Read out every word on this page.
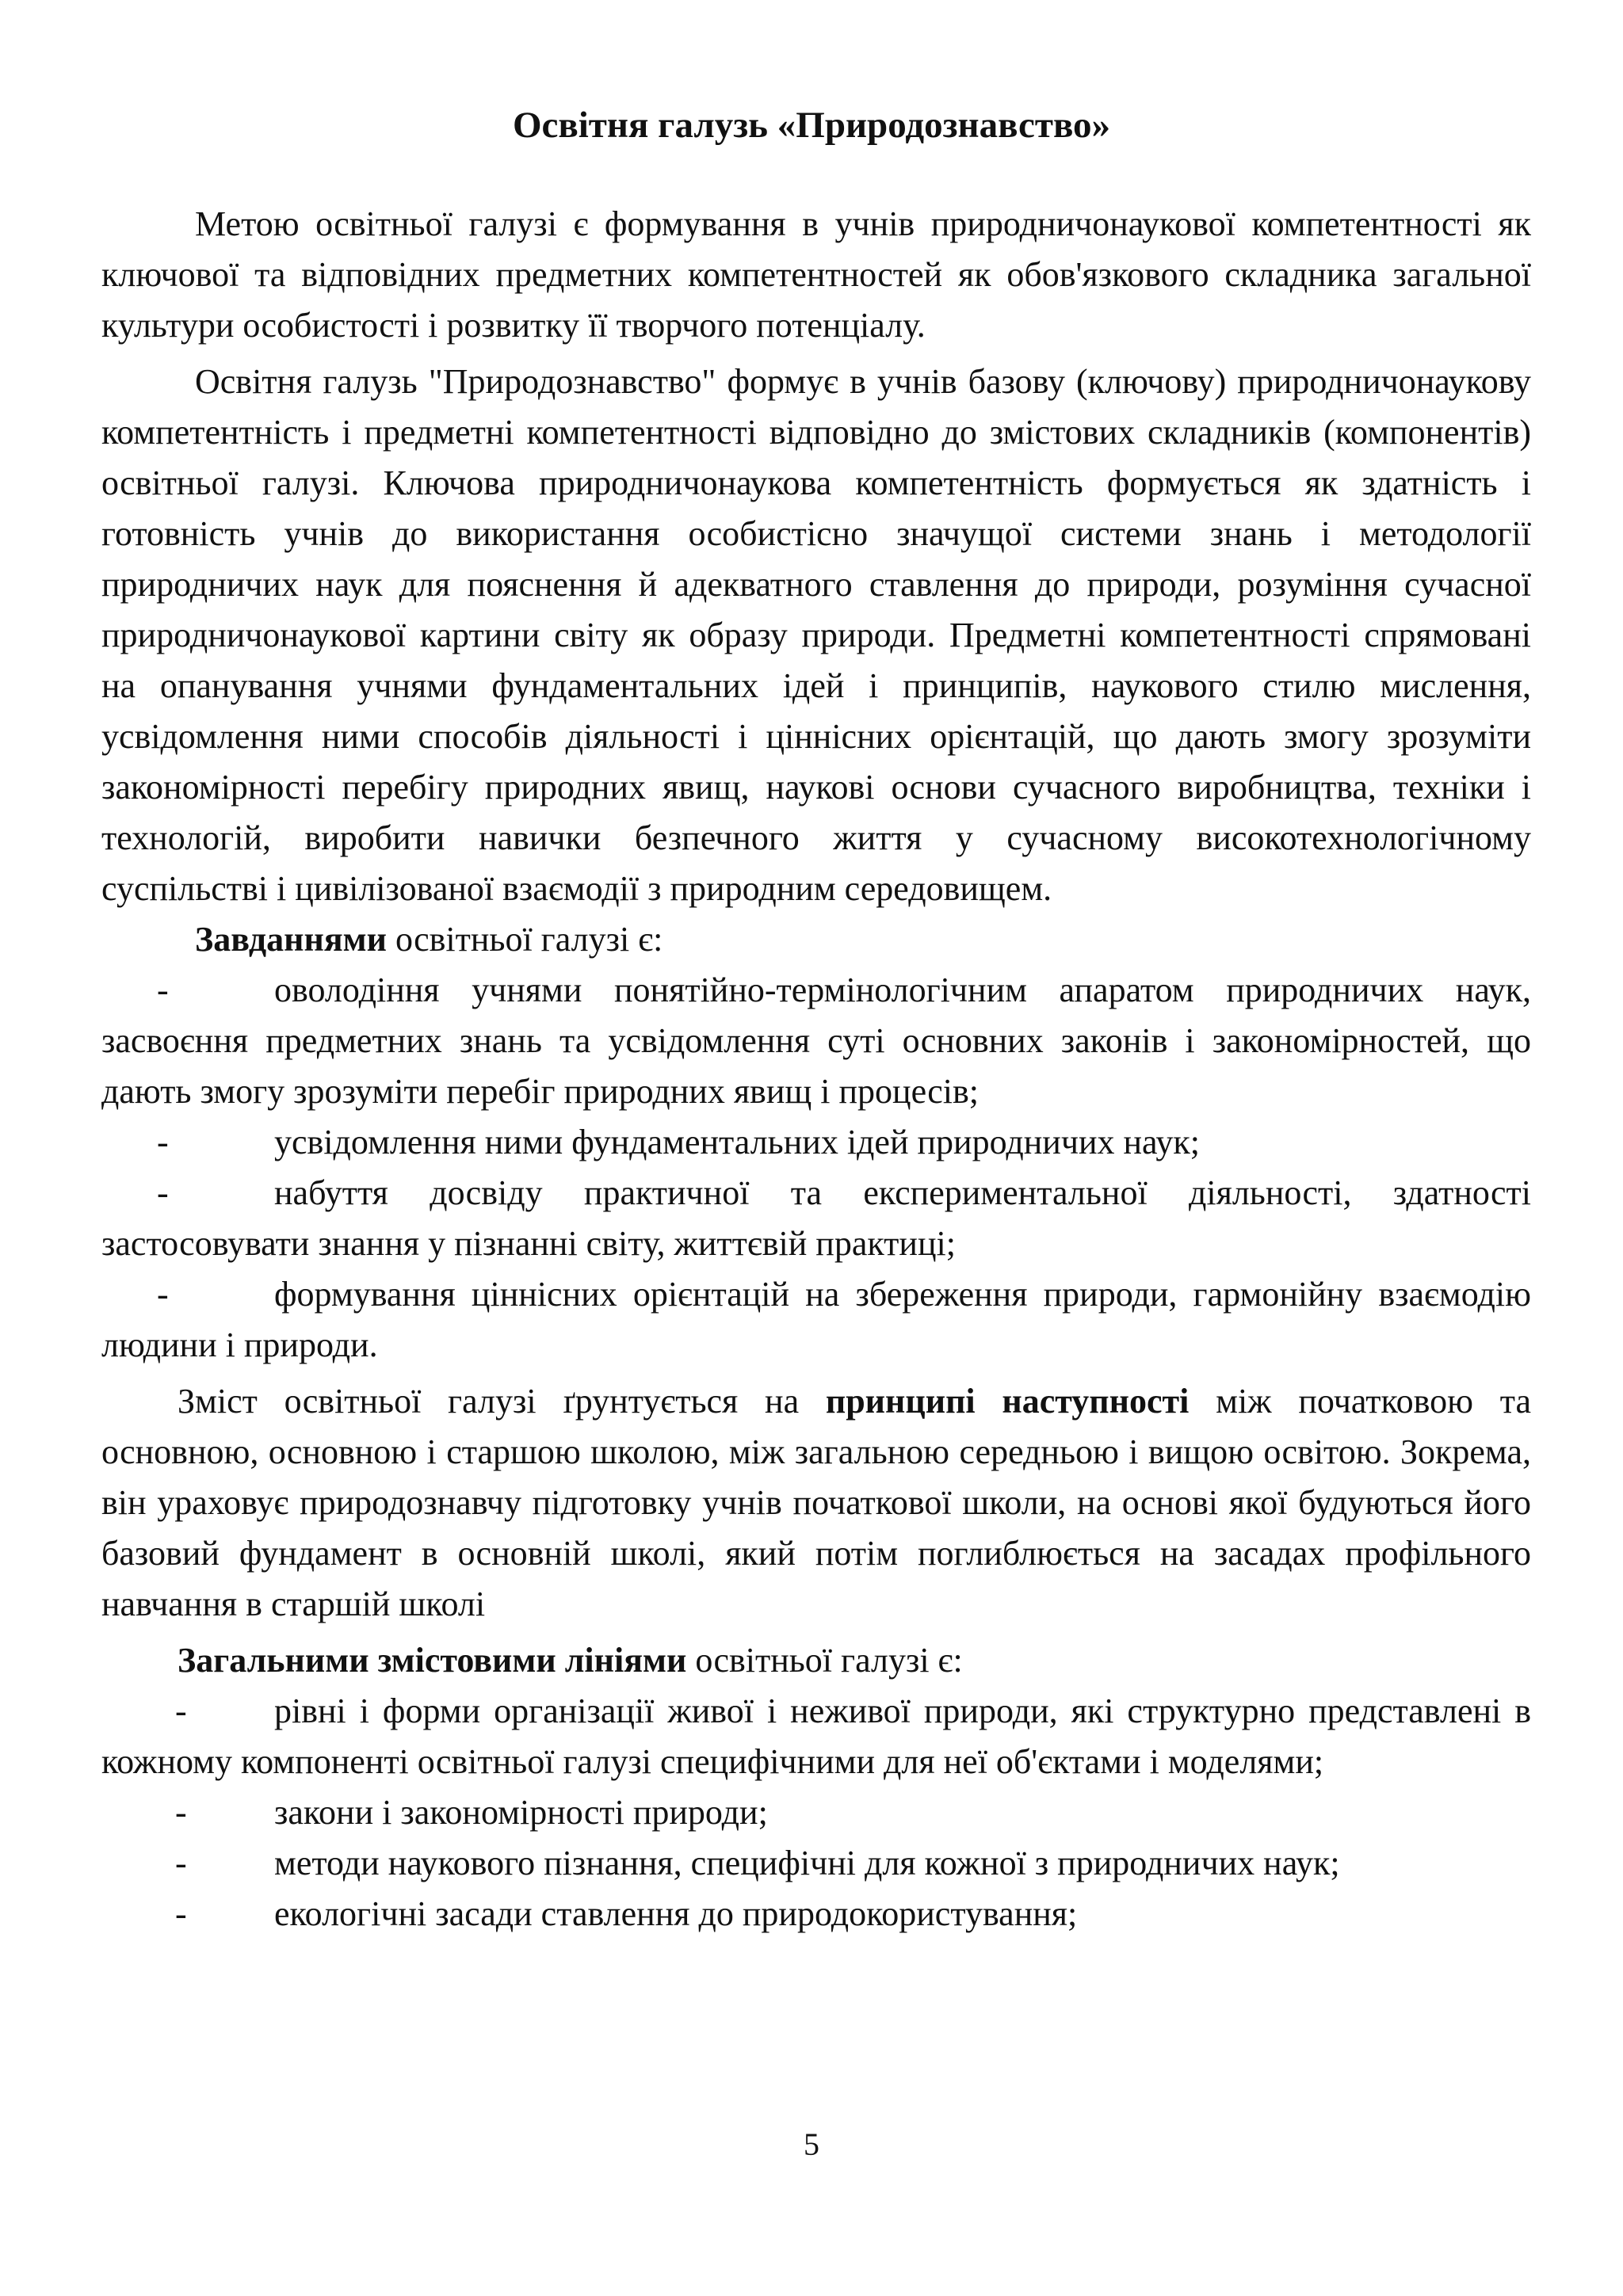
Освітня галузь «Природознавство»

Метою освітньої галузі є формування в учнів природничонаукової компетентності як ключової та відповідних предметних компетентностей як обов'язкового складника загальної культури особистості і розвитку її творчого потенціалу.

Освітня галузь "Природознавство" формує в учнів базову (ключову) природничонаукову компетентність і предметні компетентності відповідно до змістових складників (компонентів) освітньої галузі. Ключова природничонаукова компетентність формується як здатність і готовність учнів до використання особистісно значущої системи знань і методології природничих наук для пояснення й адекватного ставлення до природи, розуміння сучасної природничонаукової картини світу як образу природи. Предметні компетентності спрямовані на опанування учнями фундаментальних ідей і принципів, наукового стилю мислення, усвідомлення ними способів діяльності і ціннісних орієнтацій, що дають змогу зрозуміти закономірності перебігу природних явищ, наукові основи сучасного виробництва, техніки і технологій, виробити навички безпечного життя у сучасному високотехнологічному суспільстві і цивілізованої взаємодії з природним середовищем.

Завданнями освітньої галузі є:

-	оволодіння учнями понятійно-термінологічним апаратом природничих наук, засвоєння предметних знань та усвідомлення суті основних законів і закономірностей, що дають змогу зрозуміти перебіг природних явищ і процесів;

-	усвідомлення ними фундаментальних ідей природничих наук;

-	набуття досвіду практичної та експериментальної діяльності, здатності застосовувати знання у пізнанні світу, життєвій практиці;

-	формування ціннісних орієнтацій на збереження природи, гармонійну взаємодію людини і природи.

Зміст освітньої галузі ґрунтується на принципі наступності між початковою та основною, основною і старшою школою, між загальною середньою і вищою освітою. Зокрема, він ураховує природознавчу підготовку учнів початкової школи, на основі якої будуються його базовий фундамент в основній школі, який потім поглиблюється на засадах профільного навчання в старшій школі

Загальними змістовими лініями освітньої галузі є:

-	рівні і форми організації живої і неживої природи, які структурно представлені в кожному компоненті освітньої галузі специфічними для неї об'єктами і моделями;

-	закони і закономірності природи;

-	методи наукового пізнання, специфічні для кожної з природничих наук;

-	екологічні засади ставлення до природокористування;

5
